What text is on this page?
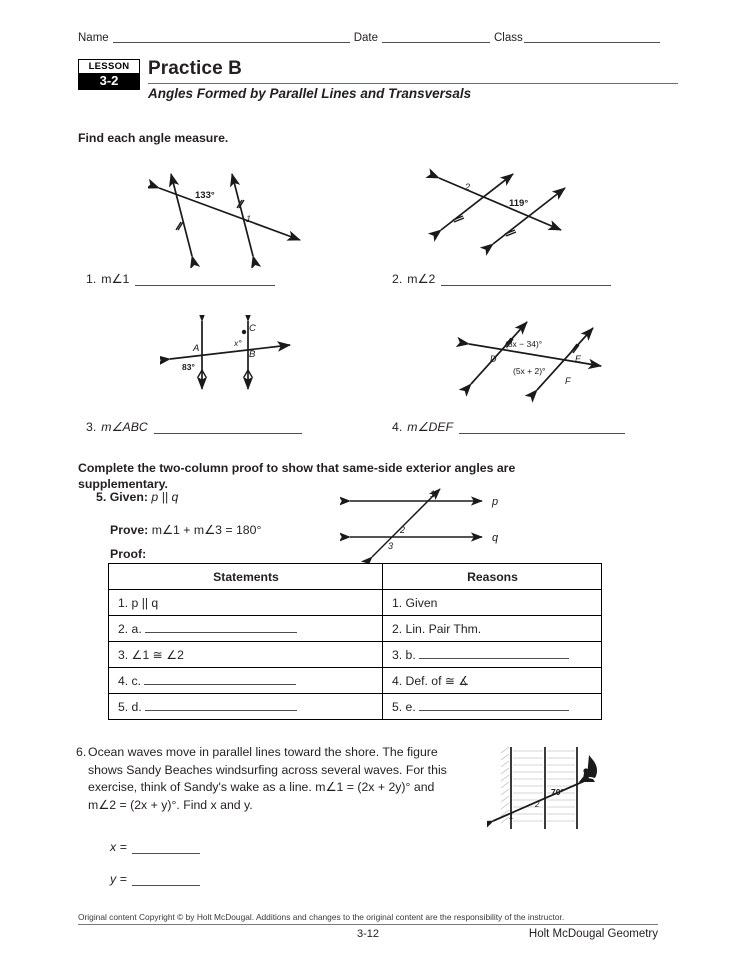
Name	Date	Class
LESSON
3-2
Practice B
Angles Formed by Parallel Lines and Transversals
Find each angle measure.
133°
1
2
119°
1. m∠1	2. m∠2
A
B
C
83°
x°
D	E
F
(8x − 34)°
(5x + 2)°
3. m∠ABC	4. m∠DEF
Complete the two-column proof to show that same-side exterior angles are supplementary.
5. Given: p || q
Prove: m∠1 + m∠3 = 180°
Proof:
p
q
1
2
3
Statements	Reasons
1. p || q	1. Given
2. a.	2. Lin. Pair Thm.
3. ∠1 ≅ ∠2	3. b.
4. c.	4. Def. of ≅ ∡
5. d.	5. e.
6. Ocean waves move in parallel lines toward the shore. The figure shows Sandy Beaches windsurfing across several waves. For this exercise, think of Sandy's wake as a line. m∠1 = (2x + 2y)° and m∠2 = (2x + y)°. Find x and y.
1
2
70°
x =
y =
Original content Copyright © by Holt McDougal. Additions and changes to the original content are the responsibility of the instructor.
3-12	Holt McDougal Geometry
